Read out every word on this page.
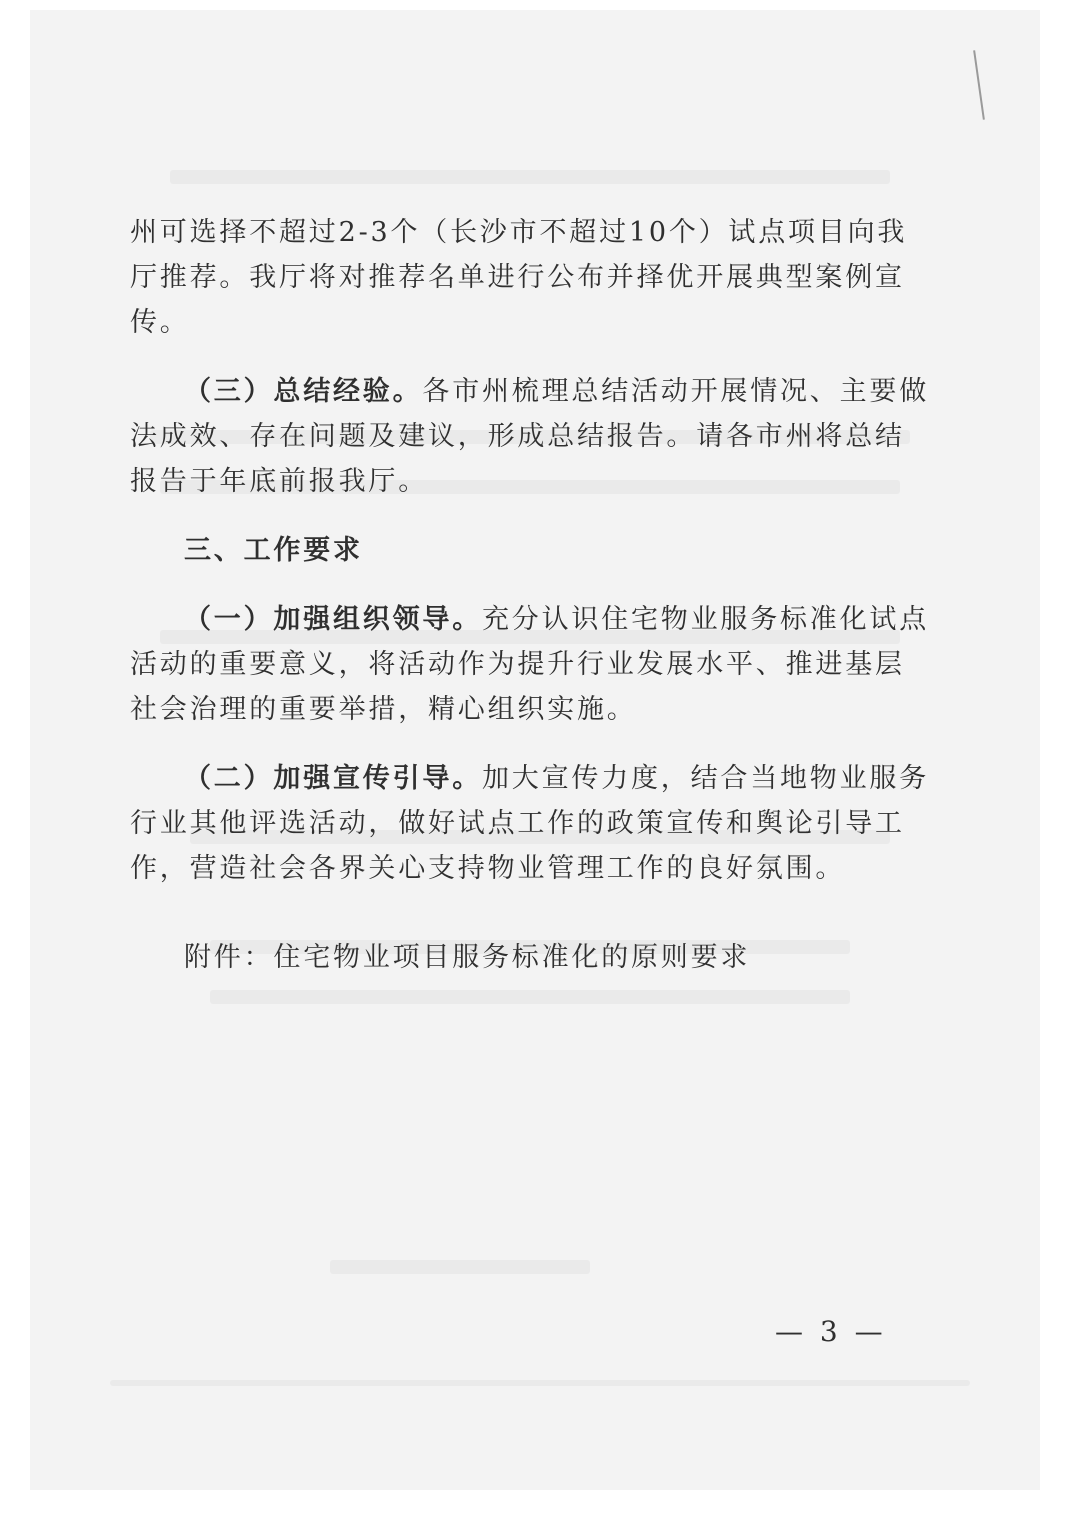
州可选择不超过2-3个（长沙市不超过10个）试点项目向我厅推荐。我厅将对推荐名单进行公布并择优开展典型案例宣传。

（三）总结经验。各市州梳理总结活动开展情况、主要做法成效、存在问题及建议，形成总结报告。请各市州将总结报告于年底前报我厅。

三、工作要求

（一）加强组织领导。充分认识住宅物业服务标准化试点活动的重要意义，将活动作为提升行业发展水平、推进基层社会治理的重要举措，精心组织实施。

（二）加强宣传引导。加大宣传力度，结合当地物业服务行业其他评选活动，做好试点工作的政策宣传和舆论引导工作，营造社会各界关心支持物业管理工作的良好氛围。

附件：住宅物业项目服务标准化的原则要求

— 3 —
